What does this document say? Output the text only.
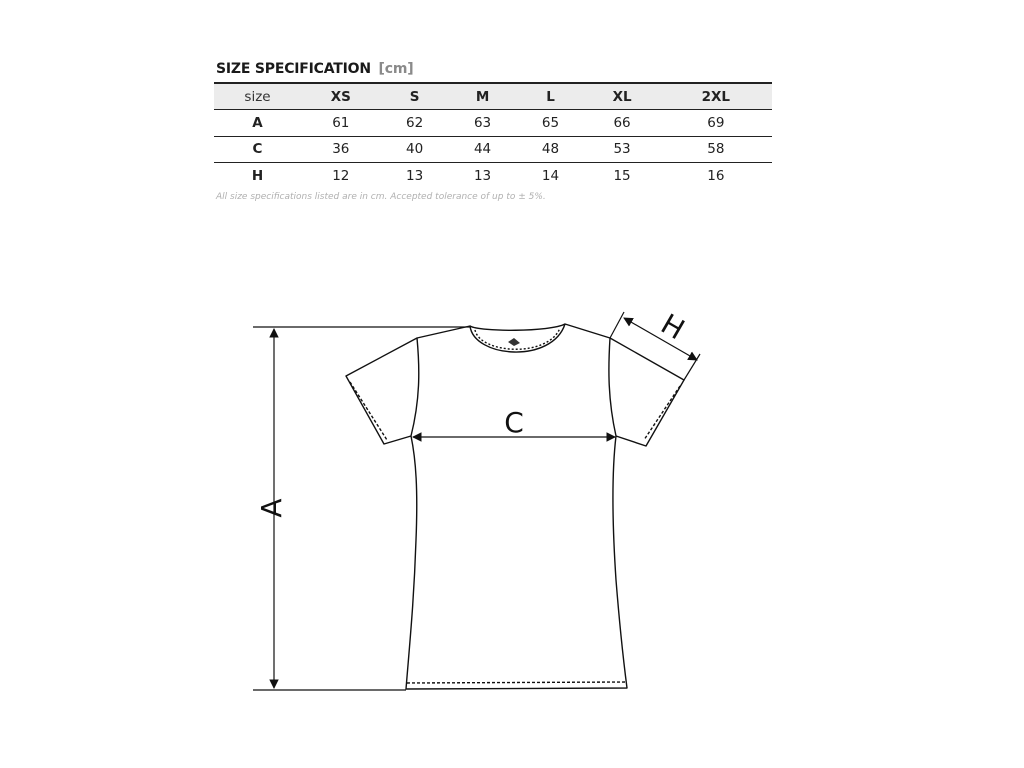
SIZE SPECIFICATION [cm]
size	XS	S	M	L	XL	2XL
A	61	62	63	65	66	69
C	36	40	44	48	53	58
H	12	13	13	14	15	16
All size specifications listed are in cm. Accepted tolerance of up to ± 5%.
A
C
H
